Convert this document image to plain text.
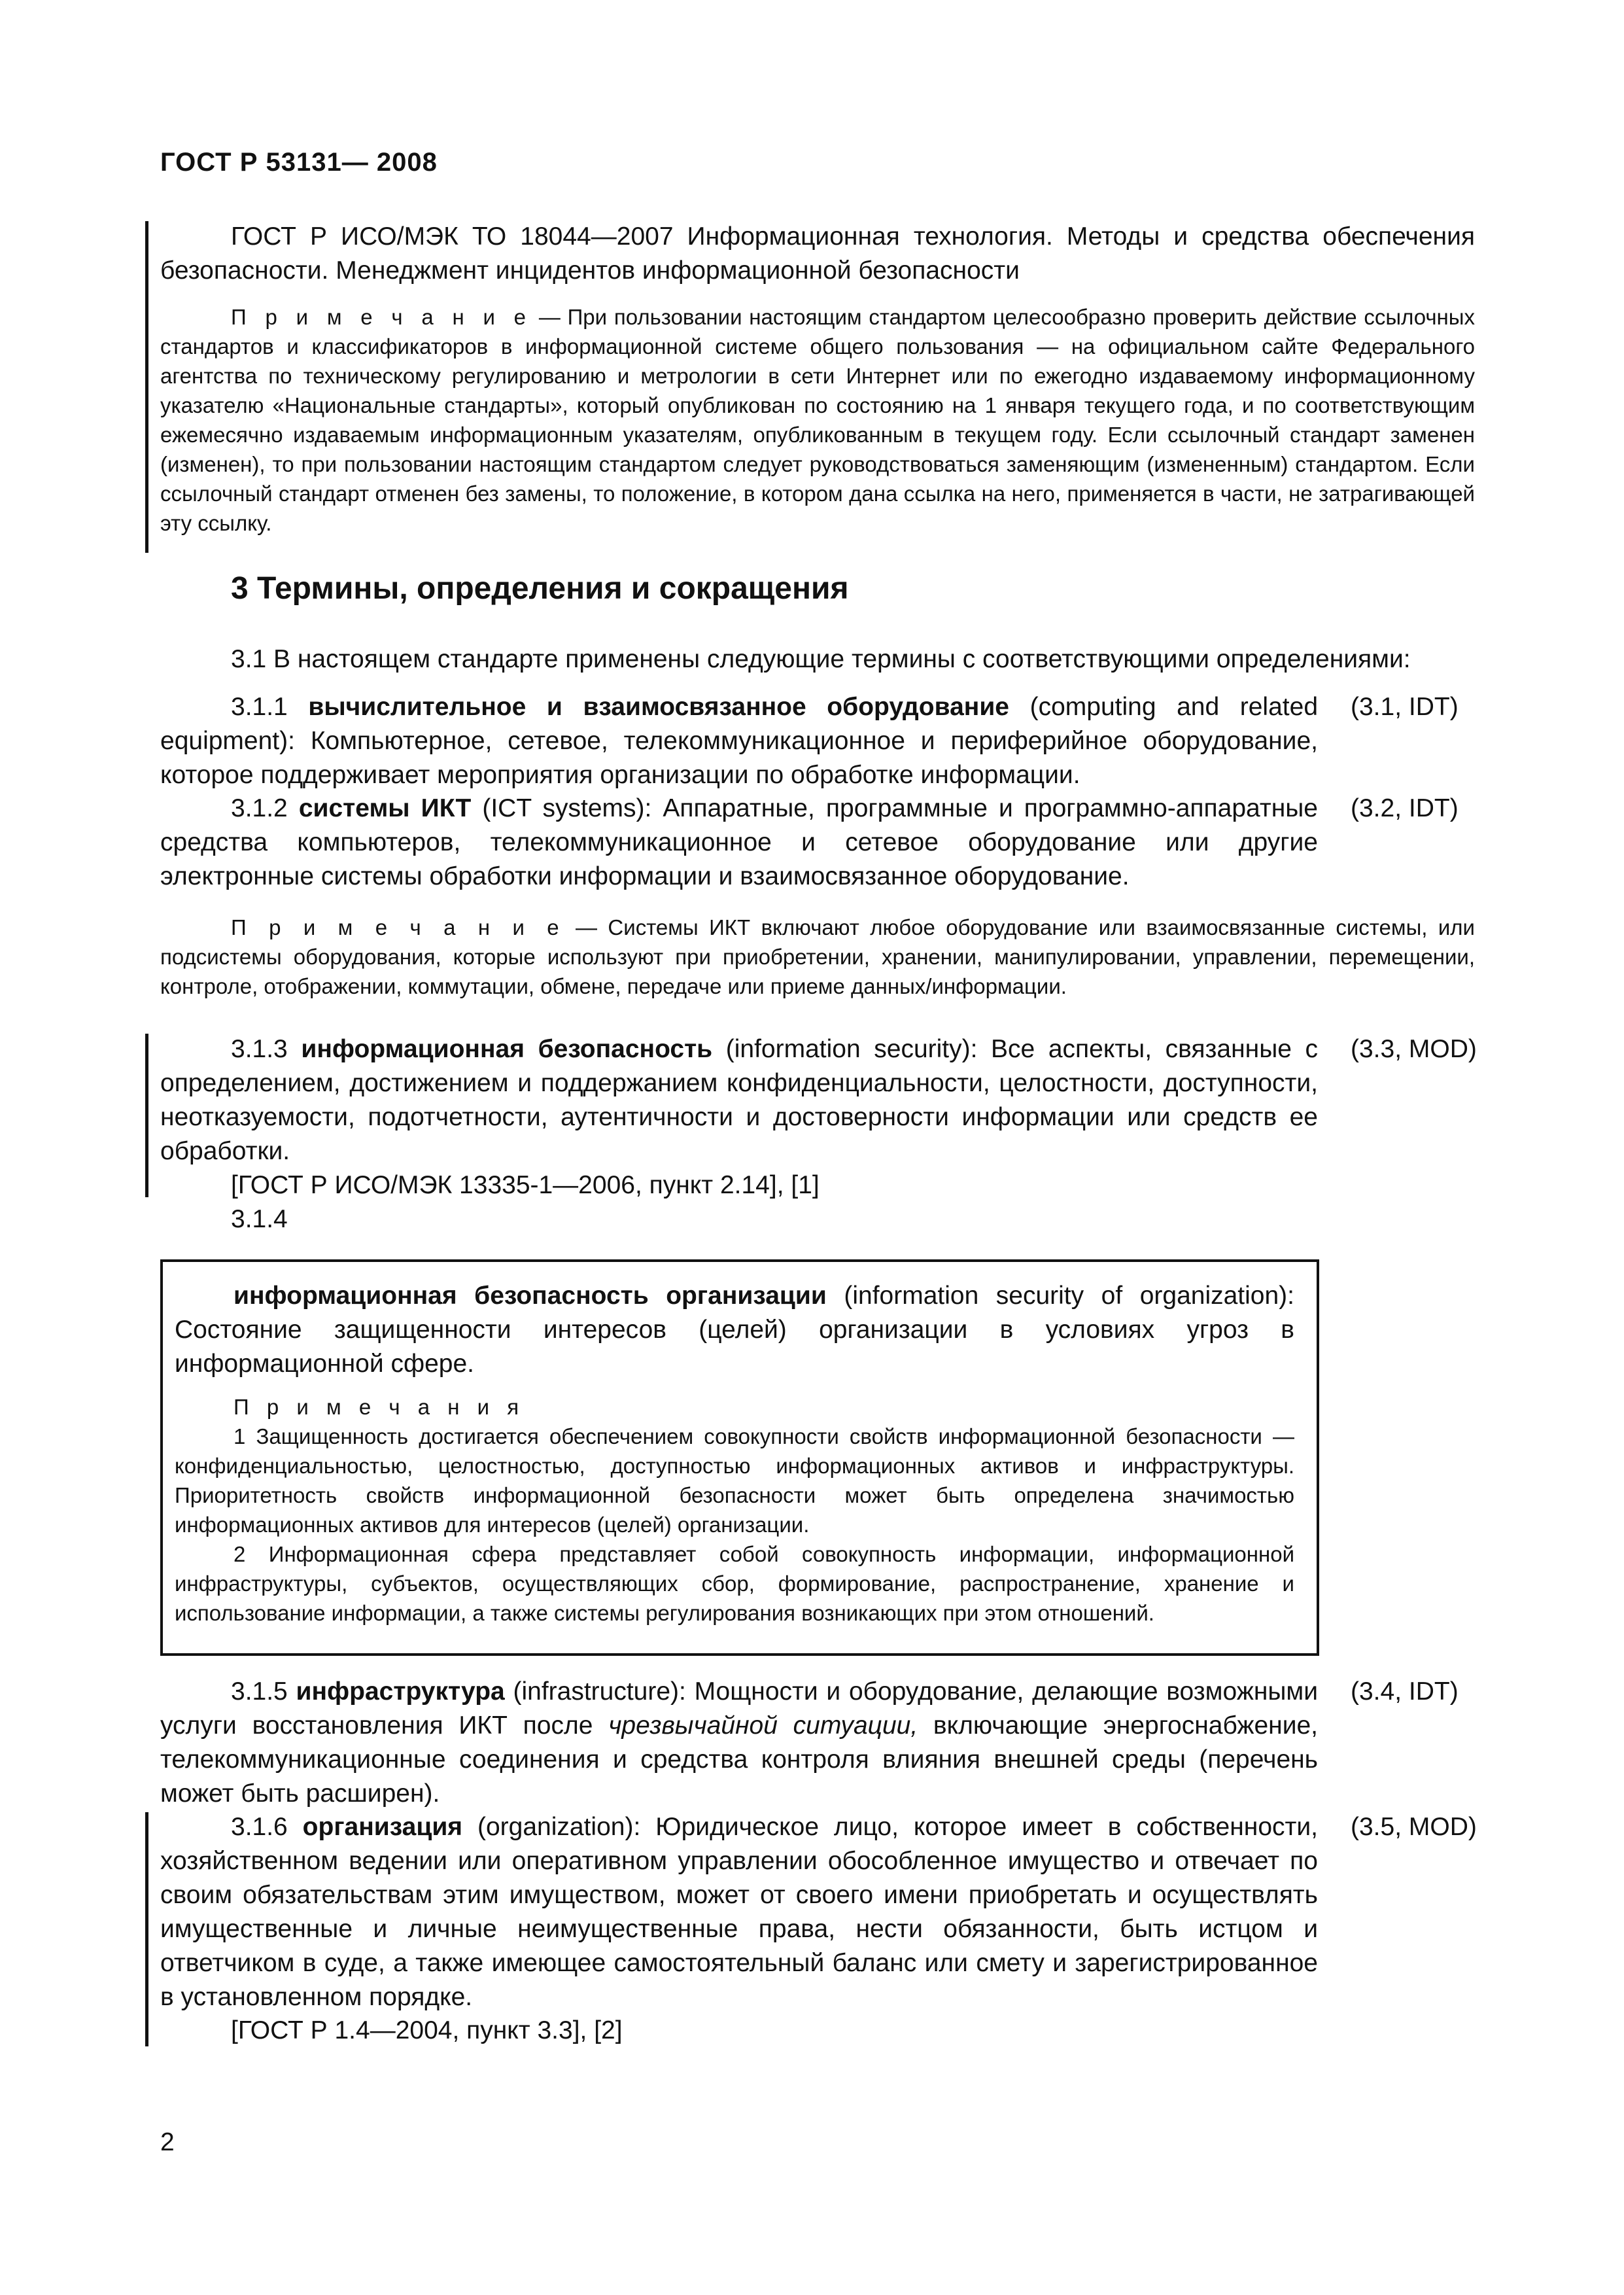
ГОСТ Р 53131— 2008

ГОСТ Р ИСО/МЭК ТО 18044—2007 Информационная технология. Методы и средства обеспечения безопасности. Менеджмент инцидентов информационной безопасности

П р и м е ч а н и е — При пользовании настоящим стандартом целесообразно проверить действие ссылочных стандартов и классификаторов в информационной системе общего пользования — на официальном сайте Федерального агентства по техническому регулированию и метрологии в сети Интернет или по ежегодно издаваемому информационному указателю «Национальные стандарты», который опубликован по состоянию на 1 января текущего года, и по соответствующим ежемесячно издаваемым информационным указателям, опубликованным в текущем году. Если ссылочный стандарт заменен (изменен), то при пользовании настоящим стандартом следует руководствоваться заменяющим (измененным) стандартом. Если ссылочный стандарт отменен без замены, то положение, в котором дана ссылка на него, применяется в части, не затрагивающей эту ссылку.

3 Термины, определения и сокращения

3.1 В настоящем стандарте применены следующие термины с соответствующими определениями:

3.1.1 вычислительное и взаимосвязанное оборудование (computing and related equipment): Компьютерное, сетевое, телекоммуникационное и периферийное оборудование, которое поддерживает мероприятия организации по обработке информации.

(3.1, IDT)

3.1.2 системы ИКТ (ICT systems): Аппаратные, программные и программно-аппаратные средства компьютеров, телекоммуникационное и сетевое оборудование или другие электронные системы обработки информации и взаимосвязанное оборудование.

(3.2, IDT)

П р и м е ч а н и е — Системы ИКТ включают любое оборудование или взаимосвязанные системы, или подсистемы оборудования, которые используют при приобретении, хранении, манипулировании, управлении, перемещении, контроле, отображении, коммутации, обмене, передаче или приеме данных/информации.

3.1.3 информационная безопасность (information security): Все аспекты, связанные с определением, достижением и поддержанием конфиденциальности, целостности, доступности, неотказуемости, подотчетности, аутентичности и достоверности информации или средств ее обработки.

(3.3, MOD)

[ГОСТ Р ИСО/МЭК 13335-1—2006, пункт 2.14], [1]

3.1.4

информационная безопасность организации (information security of organization): Состояние защищенности интересов (целей) организации в условиях угроз в информационной сфере.

П р и м е ч а н и я

1 Защищенность достигается обеспечением совокупности свойств информационной безопасности — конфиденциальностью, целостностью, доступностью информационных активов и инфраструктуры. Приоритетность свойств информационной безопасности может быть определена значимостью информационных активов для интересов (целей) организации.

2 Информационная сфера представляет собой совокупность информации, информационной инфраструктуры, субъектов, осуществляющих сбор, формирование, распространение, хранение и использование информации, а также системы регулирования возникающих при этом отношений.

3.1.5 инфраструктура (infrastructure): Мощности и оборудование, делающие возможными услуги восстановления ИКТ после чрезвычайной ситуации, включающие энергоснабжение, телекоммуникационные соединения и средства контроля влияния внешней среды (перечень может быть расширен).

(3.4, IDT)

3.1.6 организация (organization): Юридическое лицо, которое имеет в собственности, хозяйственном ведении или оперативном управлении обособленное имущество и отвечает по своим обязательствам этим имуществом, может от своего имени приобретать и осуществлять имущественные и личные неимущественные права, нести обязанности, быть истцом и ответчиком в суде, а также имеющее самостоятельный баланс или смету и зарегистрированное в установленном порядке.

(3.5, MOD)

[ГОСТ Р 1.4—2004, пункт 3.3], [2]

2
